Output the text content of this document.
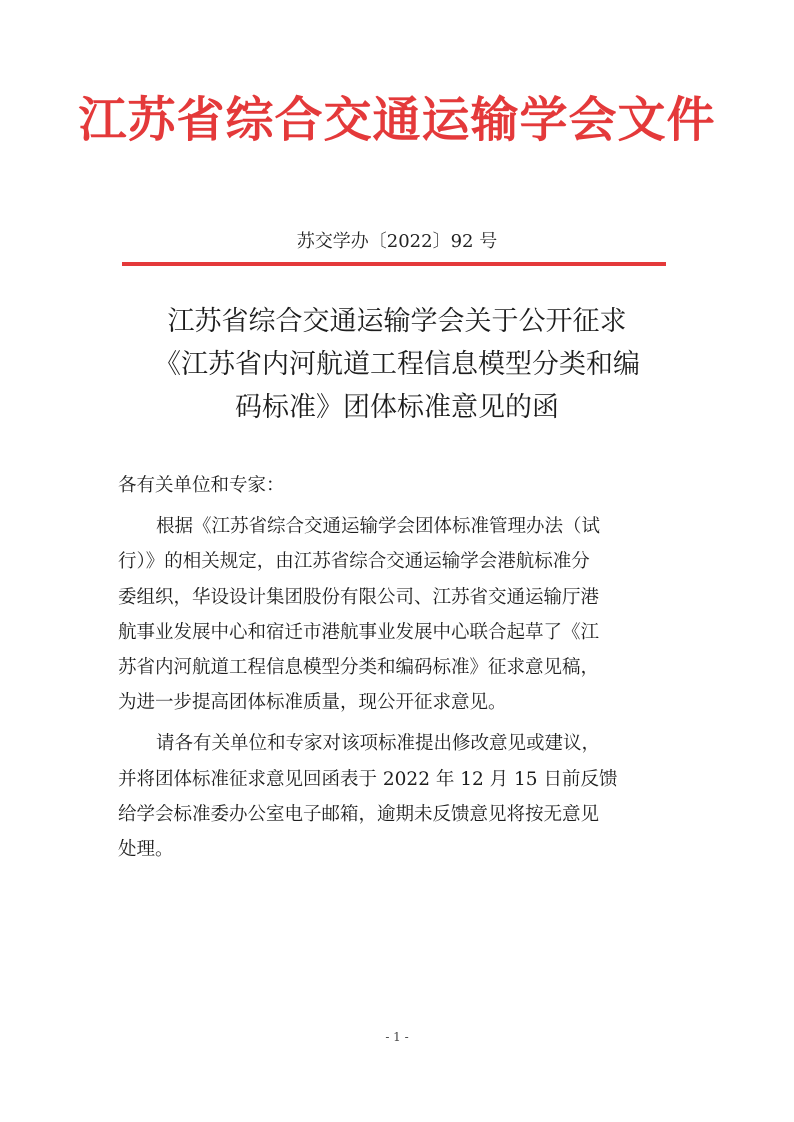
江苏省综合交通运输学会文件
苏交学办〔2022〕92 号
江苏省综合交通运输学会关于公开征求
《江苏省内河航道工程信息模型分类和编
码标准》团体标准意见的函
各有关单位和专家：
根据《江苏省综合交通运输学会团体标准管理办法（试
行）》的相关规定，由江苏省综合交通运输学会港航标准分
委组织，华设设计集团股份有限公司、江苏省交通运输厅港
航事业发展中心和宿迁市港航事业发展中心联合起草了《江
苏省内河航道工程信息模型分类和编码标准》征求意见稿，
为进一步提高团体标准质量，现公开征求意见。
请各有关单位和专家对该项标准提出修改意见或建议，
并将团体标准征求意见回函表于 2022 年 12 月 15 日前反馈
给学会标准委办公室电子邮箱，逾期未反馈意见将按无意见
处理。
- 1 -
